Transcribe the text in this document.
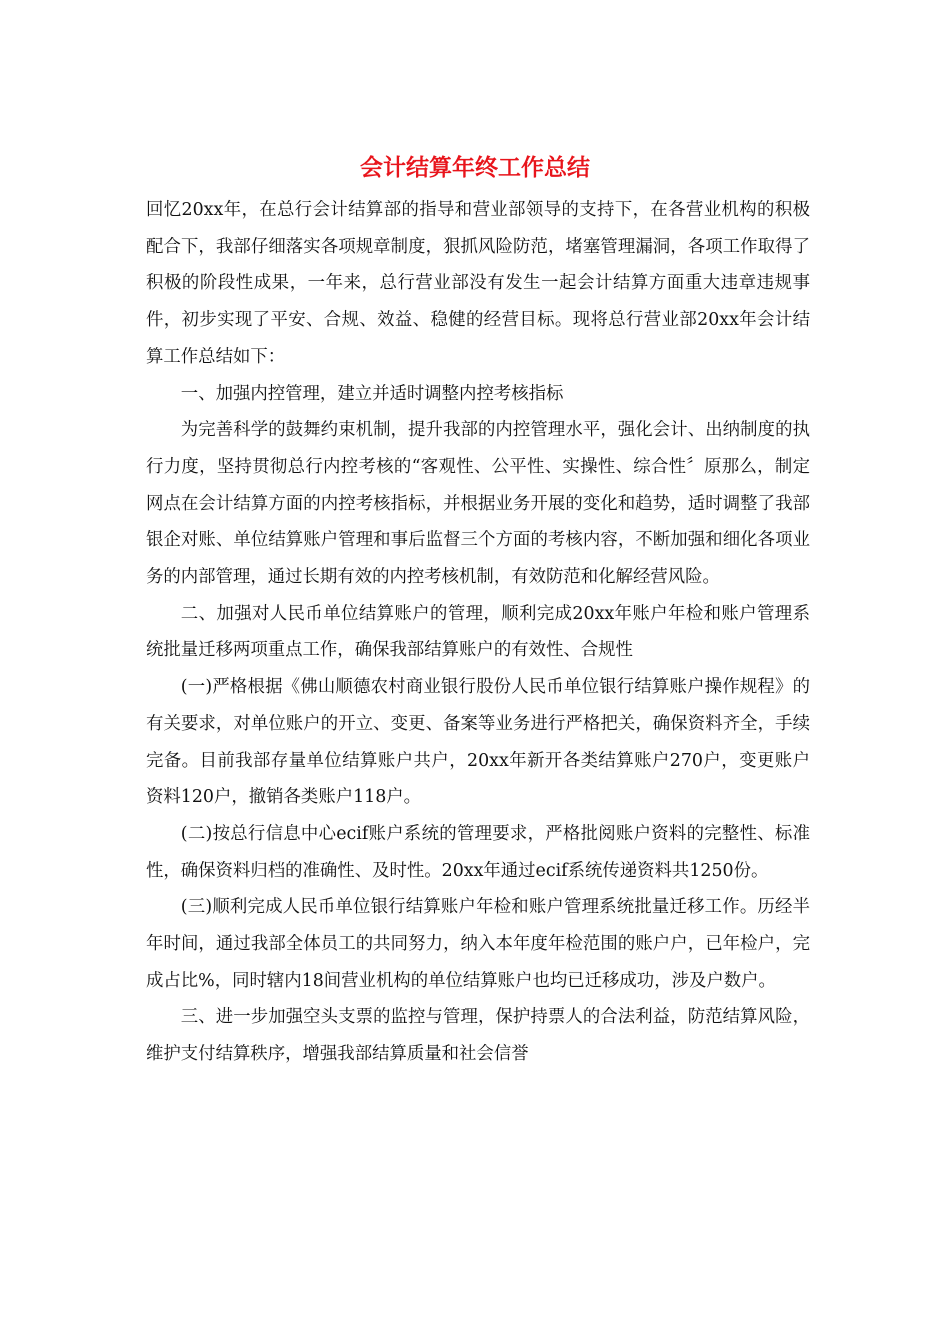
会计结算年终工作总结

回忆20xx年，在总行会计结算部的指导和营业部领导的支持下，在各营业机构的积极配合下，我部仔细落实各项规章制度，狠抓风险防范，堵塞管理漏洞，各项工作取得了积极的阶段性成果，一年来，总行营业部没有发生一起会计结算方面重大违章违规事件，初步实现了平安、合规、效益、稳健的经营目标。现将总行营业部20xx年会计结算工作总结如下：

一、加强内控管理，建立并适时调整内控考核指标

为完善科学的鼓舞约束机制，提升我部的内控管理水平，强化会计、出纳制度的执行力度，坚持贯彻总行内控考核的“客观性、公平性、实操性、综合性〞原那么，制定网点在会计结算方面的内控考核指标，并根据业务开展的变化和趋势，适时调整了我部银企对账、单位结算账户管理和事后监督三个方面的考核内容，不断加强和细化各项业务的内部管理，通过长期有效的内控考核机制，有效防范和化解经营风险。

二、加强对人民币单位结算账户的管理，顺利完成20xx年账户年检和账户管理系统批量迁移两项重点工作，确保我部结算账户的有效性、合规性

(一)严格根据《佛山顺德农村商业银行股份人民币单位银行结算账户操作规程》的有关要求，对单位账户的开立、变更、备案等业务进行严格把关，确保资料齐全，手续完备。目前我部存量单位结算账户共户，20xx年新开各类结算账户270户，变更账户资料120户，撤销各类账户118户。

(二)按总行信息中心ecif账户系统的管理要求，严格批阅账户资料的完整性、标准性，确保资料归档的准确性、及时性。20xx年通过ecif系统传递资料共1250份。

(三)顺利完成人民币单位银行结算账户年检和账户管理系统批量迁移工作。历经半年时间，通过我部全体员工的共同努力，纳入本年度年检范围的账户户，已年检户，完成占比%，同时辖内18间营业机构的单位结算账户也均已迁移成功，涉及户数户。

三、进一步加强空头支票的监控与管理，保护持票人的合法利益，防范结算风险，维护支付结算秩序，增强我部结算质量和社会信誉
